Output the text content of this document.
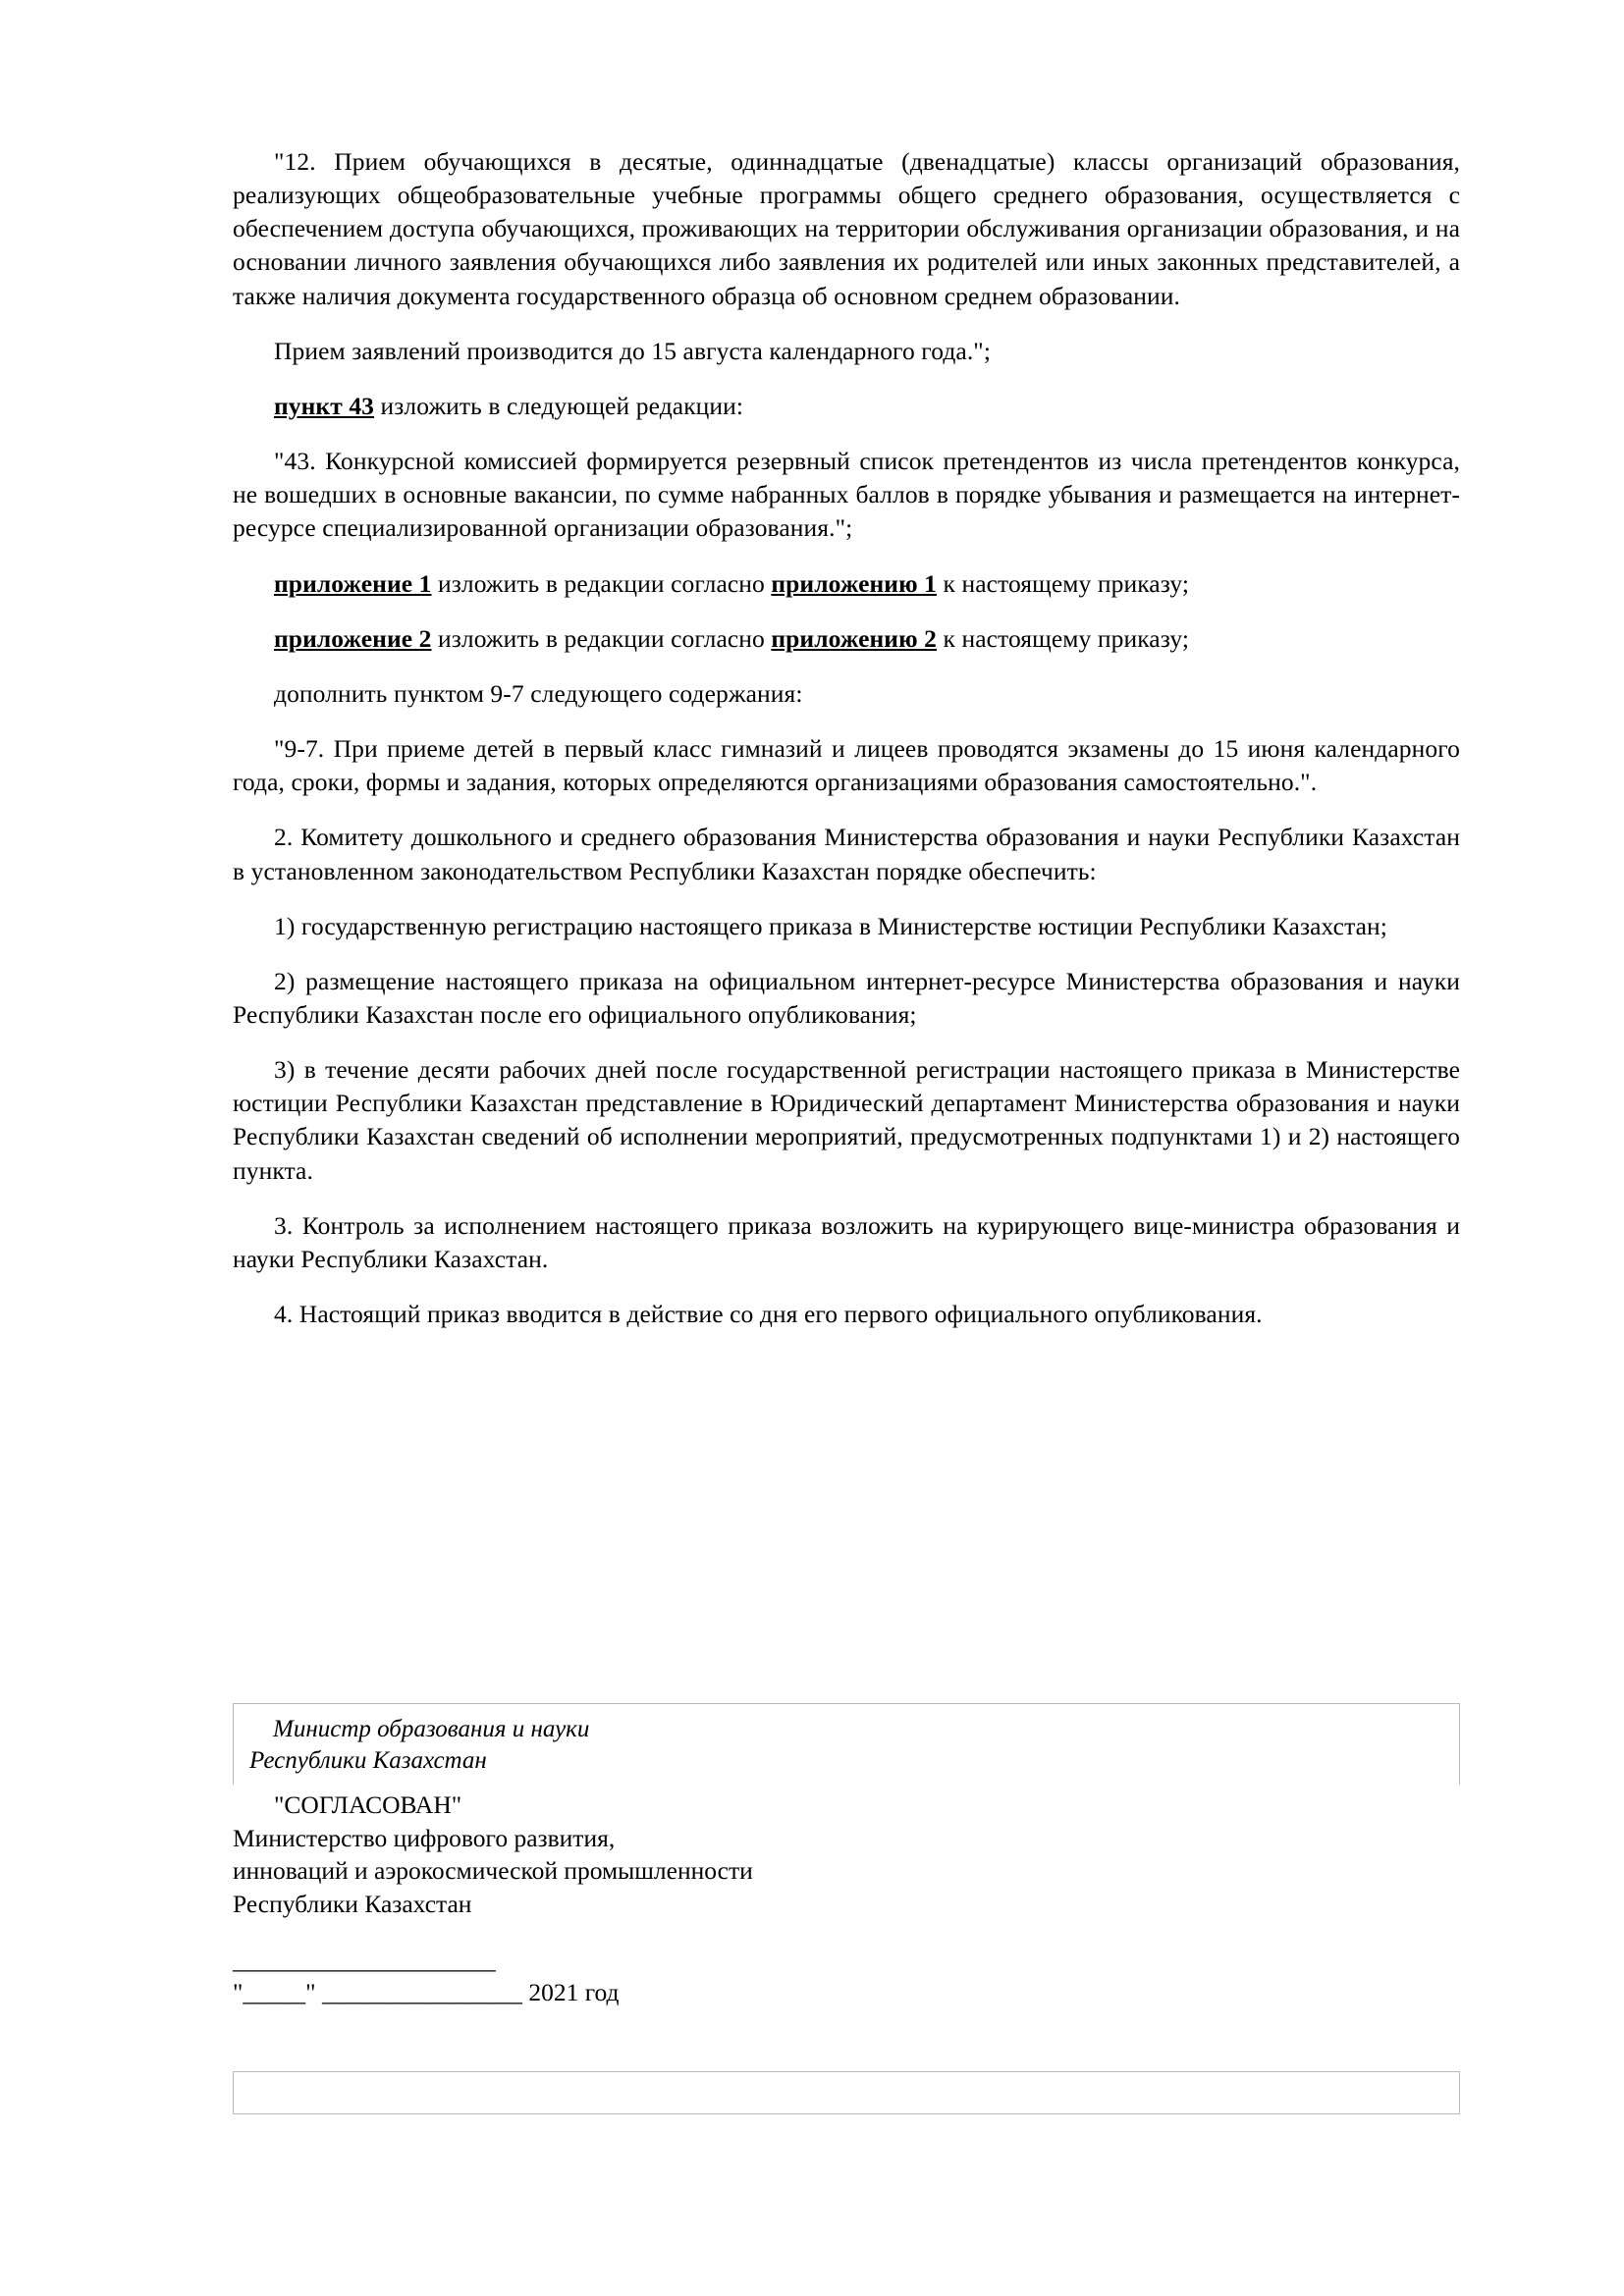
"12. Прием обучающихся в десятые, одиннадцатые (двенадцатые) классы организаций образования, реализующих общеобразовательные учебные программы общего среднего образования, осуществляется с обеспечением доступа обучающихся, проживающих на территории обслуживания организации образования, и на основании личного заявления обучающихся либо заявления их родителей или иных законных представителей, а также наличия документа государственного образца об основном среднем образовании.

Прием заявлений производится до 15 августа календарного года.";

пункт 43 изложить в следующей редакции:

"43. Конкурсной комиссией формируется резервный список претендентов из числа претендентов конкурса, не вошедших в основные вакансии, по сумме набранных баллов в порядке убывания и размещается на интернет-ресурсе специализированной организации образования.";

приложение 1 изложить в редакции согласно приложению 1 к настоящему приказу;

приложение 2 изложить в редакции согласно приложению 2 к настоящему приказу;

дополнить пунктом 9-7 следующего содержания:

"9-7. При приеме детей в первый класс гимназий и лицеев проводятся экзамены до 15 июня календарного года, сроки, формы и задания, которых определяются организациями образования самостоятельно.".

2. Комитету дошкольного и среднего образования Министерства образования и науки Республики Казахстан в установленном законодательством Республики Казахстан порядке обеспечить:

1) государственную регистрацию настоящего приказа в Министерстве юстиции Республики Казахстан;

2) размещение настоящего приказа на официальном интернет-ресурсе Министерства образования и науки Республики Казахстан после его официального опубликования;

3) в течение десяти рабочих дней после государственной регистрации настоящего приказа в Министерстве юстиции Республики Казахстан представление в Юридический департамент Министерства образования и науки Республики Казахстан сведений об исполнении мероприятий, предусмотренных подпунктами 1) и 2) настоящего пункта.

3. Контроль за исполнением настоящего приказа возложить на курирующего вице-министра образования и науки Республики Казахстан.

4. Настоящий приказ вводится в действие со дня его первого официального опубликования.

Министр образования и науки
Республики Казахстан
"СОГЛАСОВАН"
Министерство цифрового развития,
инноваций и аэрокосмической промышленности
Республики Казахстан
_____________________
"_____" ________________ 2021 год
